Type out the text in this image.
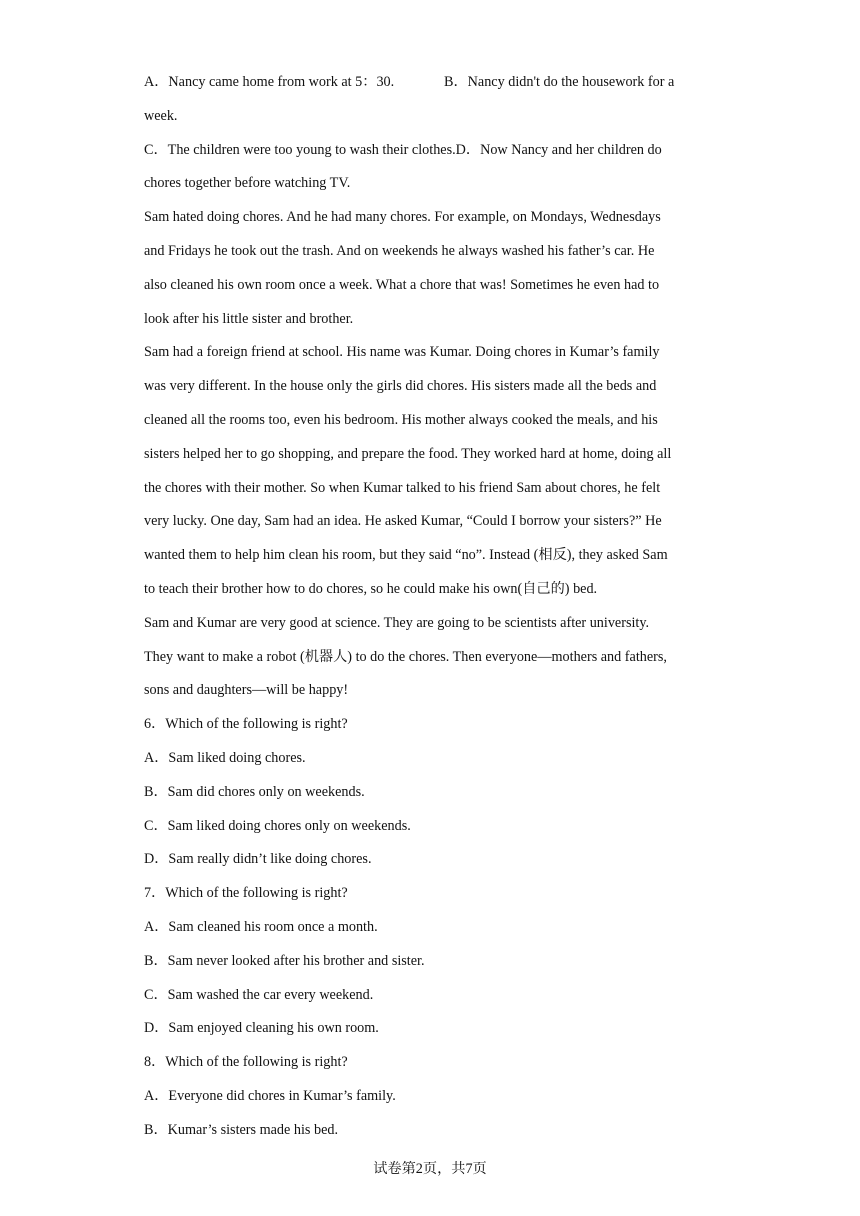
A．Nancy came home from work at 5：30.	B．Nancy didn't do the housework for a

week.

C．The children were too young to wash their clothes.D．Now Nancy and her children do

chores together before watching TV.

Sam hated doing chores. And he had many chores. For example, on Mondays, Wednesdays

and Fridays he took out the trash. And on weekends he always washed his father’s car. He

also cleaned his own room once a week. What a chore that was! Sometimes he even had to

look after his little sister and brother.

Sam had a foreign friend at school. His name was Kumar. Doing chores in Kumar’s family

was very different. In the house only the girls did chores. His sisters made all the beds and

cleaned all the rooms too, even his bedroom. His mother always cooked the meals, and his

sisters helped her to go shopping, and prepare the food. They worked hard at home, doing all

the chores with their mother. So when Kumar talked to his friend Sam about chores, he felt

very lucky. One day, Sam had an idea. He asked Kumar, “Could I borrow your sisters?” He

wanted them to help him clean his room, but they said “no”. Instead (相反), they asked Sam

to teach their brother how to do chores, so he could make his own(自己的) bed.

Sam and Kumar are very good at science. They are going to be scientists after university.

They want to make a robot (机器人) to do the chores. Then everyone—mothers and fathers,

sons and daughters—will be happy!

6．Which of the following is right?

A．Sam liked doing chores.

B．Sam did chores only on weekends.

C．Sam liked doing chores only on weekends.

D．Sam really didn’t like doing chores.

7．Which of the following is right?

A．Sam cleaned his room once a month.

B．Sam never looked after his brother and sister.

C．Sam washed the car every weekend.

D．Sam enjoyed cleaning his own room.

8．Which of the following is right?

A．Everyone did chores in Kumar’s family.

B．Kumar’s sisters made his bed.

试卷第2页，共7页
